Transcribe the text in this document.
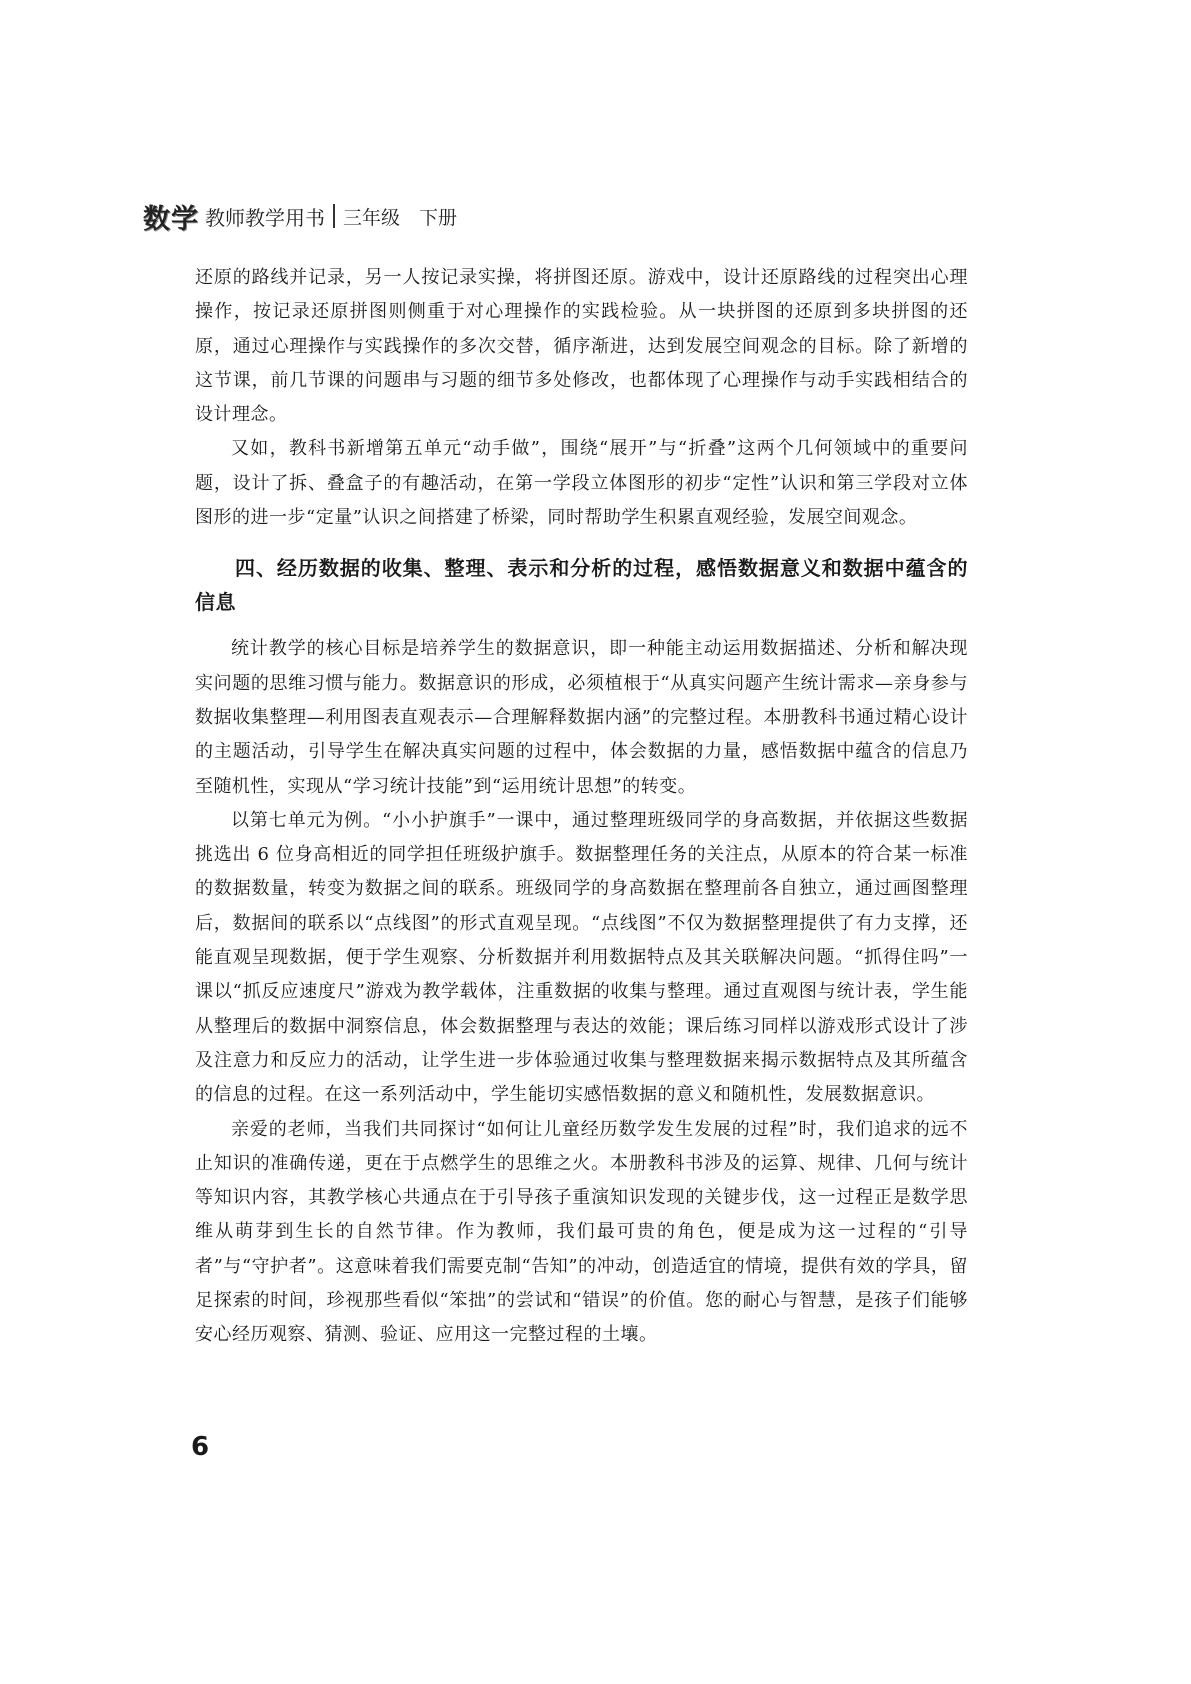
数学 教师教学用书 三年级　下册

还原的路线并记录，另一人按记录实操，将拼图还原。游戏中，设计还原路线的过程突出心理操作，按记录还原拼图则侧重于对心理操作的实践检验。从一块拼图的还原到多块拼图的还原，通过心理操作与实践操作的多次交替，循序渐进，达到发展空间观念的目标。除了新增的这节课，前几节课的问题串与习题的细节多处修改，也都体现了心理操作与动手实践相结合的设计理念。

又如，教科书新增第五单元“动手做”，围绕“展开”与“折叠”这两个几何领域中的重要问题，设计了拆、叠盒子的有趣活动，在第一学段立体图形的初步“定性”认识和第三学段对立体图形的进一步“定量”认识之间搭建了桥梁，同时帮助学生积累直观经验，发展空间观念。

四、经历数据的收集、整理、表示和分析的过程，感悟数据意义和数据中蕴含的信息

统计教学的核心目标是培养学生的数据意识，即一种能主动运用数据描述、分析和解决现实问题的思维习惯与能力。数据意识的形成，必须植根于“从真实问题产生统计需求—亲身参与数据收集整理—利用图表直观表示—合理解释数据内涵”的完整过程。本册教科书通过精心设计的主题活动，引导学生在解决真实问题的过程中，体会数据的力量，感悟数据中蕴含的信息乃至随机性，实现从“学习统计技能”到“运用统计思想”的转变。

以第七单元为例。“小小护旗手”一课中，通过整理班级同学的身高数据，并依据这些数据挑选出 6 位身高相近的同学担任班级护旗手。数据整理任务的关注点，从原本的符合某一标准的数据数量，转变为数据之间的联系。班级同学的身高数据在整理前各自独立，通过画图整理后，数据间的联系以“点线图”的形式直观呈现。“点线图”不仅为数据整理提供了有力支撑，还能直观呈现数据，便于学生观察、分析数据并利用数据特点及其关联解决问题。“抓得住吗”一课以“抓反应速度尺”游戏为教学载体，注重数据的收集与整理。通过直观图与统计表，学生能从整理后的数据中洞察信息，体会数据整理与表达的效能；课后练习同样以游戏形式设计了涉及注意力和反应力的活动，让学生进一步体验通过收集与整理数据来揭示数据特点及其所蕴含的信息的过程。在这一系列活动中，学生能切实感悟数据的意义和随机性，发展数据意识。

亲爱的老师，当我们共同探讨“如何让儿童经历数学发生发展的过程”时，我们追求的远不止知识的准确传递，更在于点燃学生的思维之火。本册教科书涉及的运算、规律、几何与统计等知识内容，其教学核心共通点在于引导孩子重演知识发现的关键步伐，这一过程正是数学思维从萌芽到生长的自然节律。作为教师，我们最可贵的角色，便是成为这一过程的“引导者”与“守护者”。这意味着我们需要克制“告知”的冲动，创造适宜的情境，提供有效的学具，留足探索的时间，珍视那些看似“笨拙”的尝试和“错误”的价值。您的耐心与智慧，是孩子们能够安心经历观察、猜测、验证、应用这一完整过程的土壤。

6
